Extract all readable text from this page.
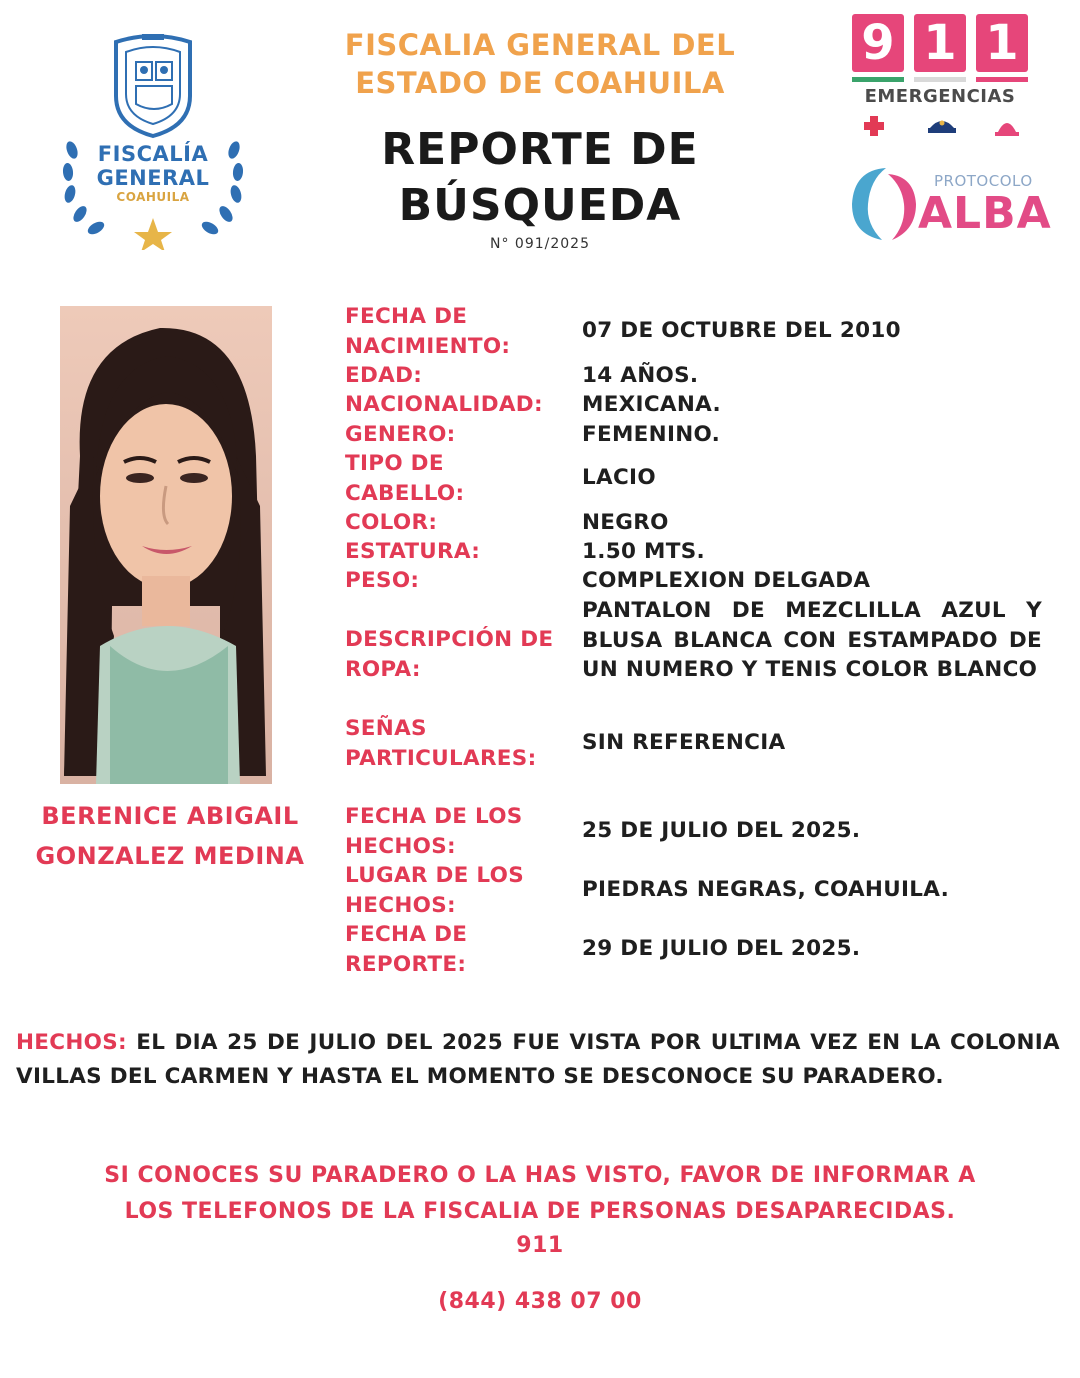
FISCALÍA
GENERAL
COAHUILA
FISCALIA GENERAL DEL
ESTADO DE COAHUILA
REPORTE DE
BÚSQUEDA
N° 091/2025
9 1 1
EMERGENCIAS
PROTOCOLO
ALBA
BERENICE ABIGAIL
GONZALEZ MEDINA
FECHA DE
NACIMIENTO:
07 DE OCTUBRE DEL 2010
EDAD:	14 AÑOS.
NACIONALIDAD:	MEXICANA.
GENERO:	FEMENINO.
TIPO DE
CABELLO:
LACIO
COLOR:	NEGRO
ESTATURA:	1.50 MTS.
PESO:	COMPLEXION DELGADA
DESCRIPCIÓN DE
ROPA:
PANTALON DE MEZCLILLA AZUL Y BLUSA BLANCA CON ESTAMPADO DE UN NUMERO Y TENIS COLOR BLANCO
SEÑAS
PARTICULARES:
SIN REFERENCIA
FECHA DE LOS
HECHOS:
25 DE JULIO DEL 2025.
LUGAR DE LOS
HECHOS:
PIEDRAS NEGRAS, COAHUILA.
FECHA DE
REPORTE:
29 DE JULIO DEL 2025.
HECHOS: EL DIA 25 DE JULIO DEL 2025 FUE VISTA POR ULTIMA VEZ EN LA COLONIA VILLAS DEL CARMEN Y HASTA EL MOMENTO SE DESCONOCE SU PARADERO.
SI CONOCES SU PARADERO O LA HAS VISTO, FAVOR DE INFORMAR A
LOS TELEFONOS DE LA FISCALIA DE PERSONAS DESAPARECIDAS.
911
(844) 438 07 00
